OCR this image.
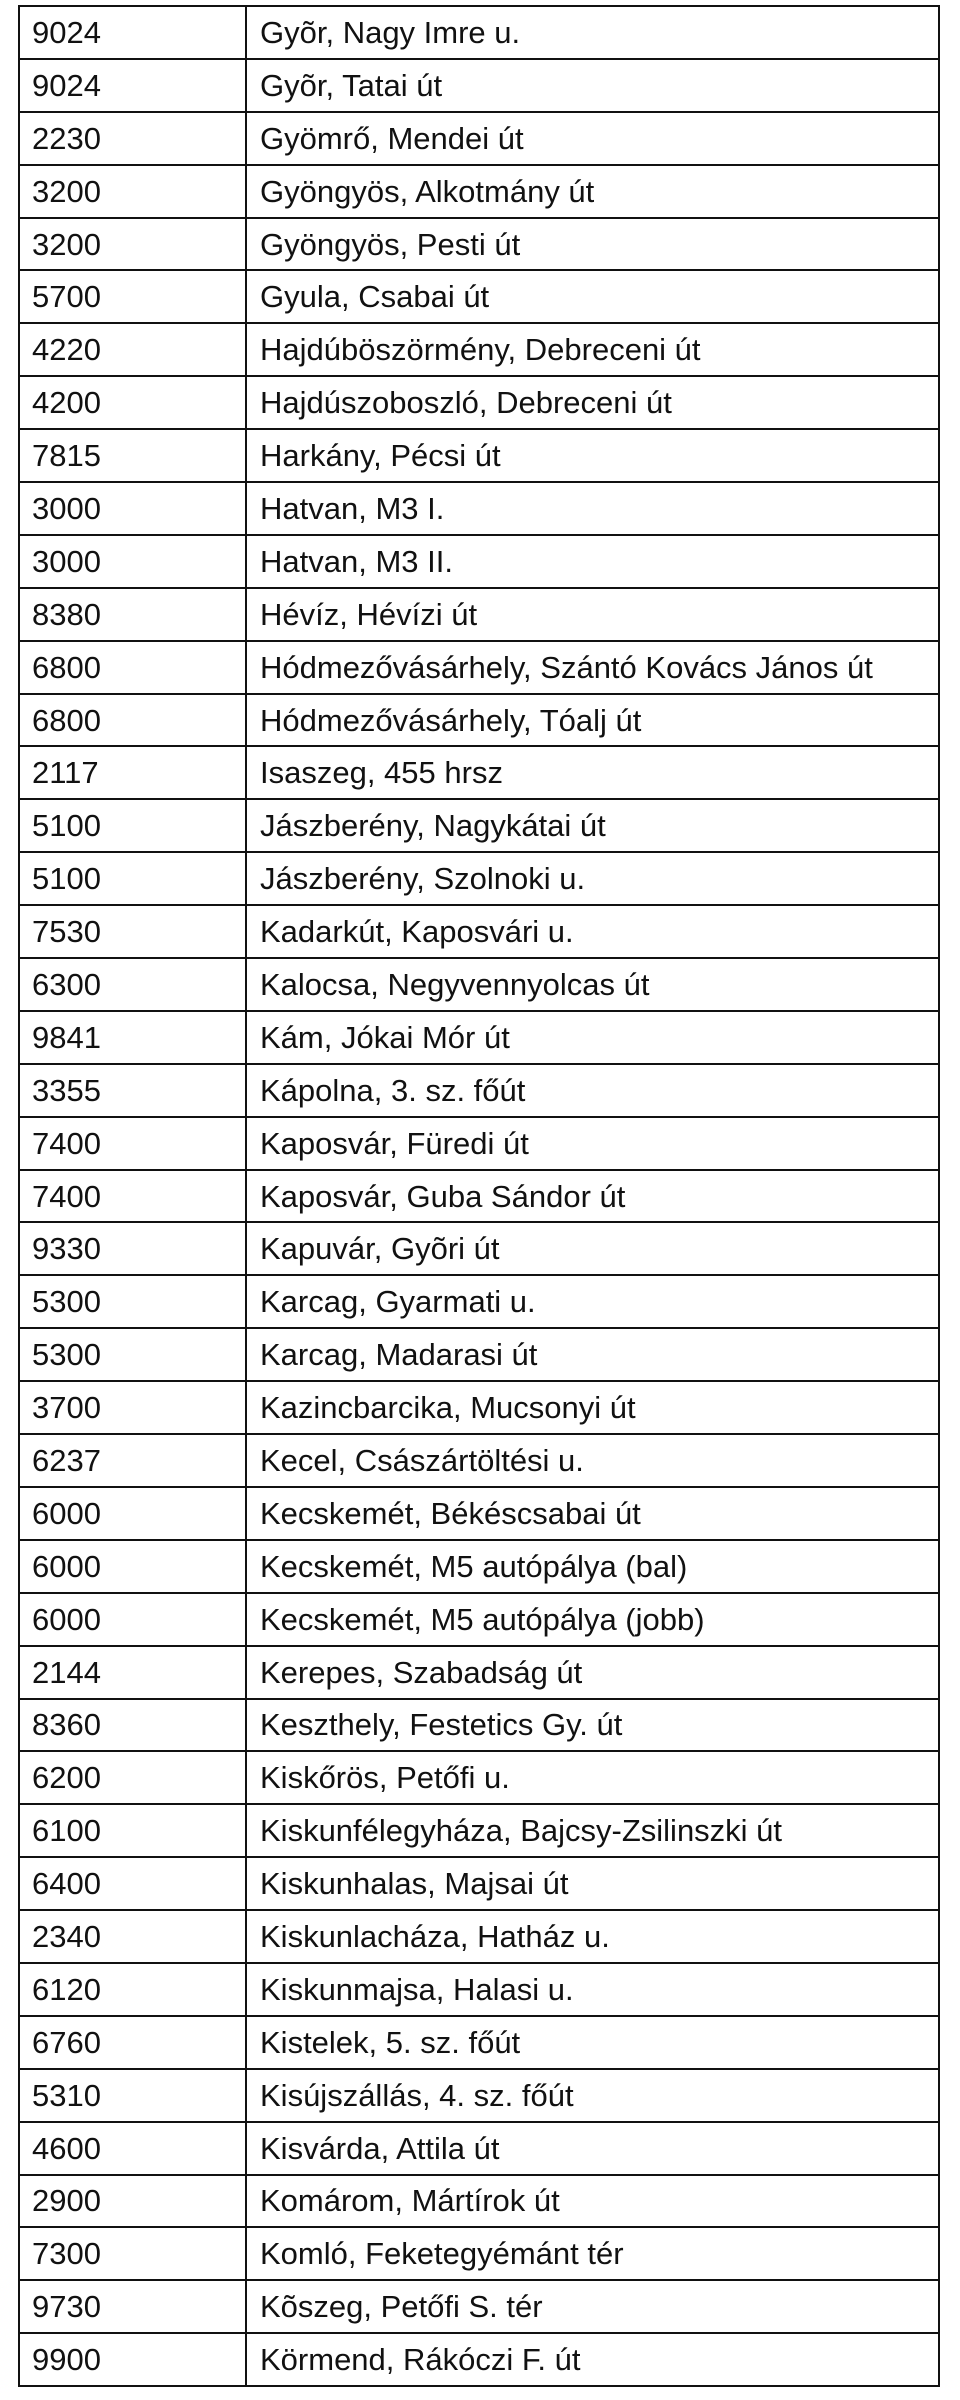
9024	Gyõr, Nagy Imre u.
9024	Gyõr, Tatai út
2230	Gyömrő, Mendei út
3200	Gyöngyös, Alkotmány út
3200	Gyöngyös, Pesti út
5700	Gyula, Csabai út
4220	Hajdúböszörmény, Debreceni út
4200	Hajdúszoboszló, Debreceni út
7815	Harkány, Pécsi út
3000	Hatvan, M3 I.
3000	Hatvan, M3 II.
8380	Hévíz, Hévízi út
6800	Hódmezővásárhely, Szántó Kovács János út
6800	Hódmezővásárhely, Tóalj út
2117	Isaszeg, 455 hrsz
5100	Jászberény, Nagykátai út
5100	Jászberény, Szolnoki u.
7530	Kadarkút, Kaposvári u.
6300	Kalocsa, Negyvennyolcas út
9841	Kám, Jókai Mór út
3355	Kápolna, 3. sz. főút
7400	Kaposvár, Füredi út
7400	Kaposvár, Guba Sándor út
9330	Kapuvár, Gyõri út
5300	Karcag, Gyarmati u.
5300	Karcag, Madarasi út
3700	Kazincbarcika, Mucsonyi út
6237	Kecel, Császártöltési u.
6000	Kecskemét, Békéscsabai út
6000	Kecskemét, M5 autópálya (bal)
6000	Kecskemét, M5 autópálya (jobb)
2144	Kerepes, Szabadság út
8360	Keszthely, Festetics Gy. út
6200	Kiskőrös, Petőfi u.
6100	Kiskunfélegyháza, Bajcsy-Zsilinszki út
6400	Kiskunhalas, Majsai út
2340	Kiskunlacháza, Hatház u.
6120	Kiskunmajsa, Halasi u.
6760	Kistelek, 5. sz. főút
5310	Kisújszállás, 4. sz. főút
4600	Kisvárda, Attila út
2900	Komárom, Mártírok út
7300	Komló, Feketegyémánt tér
9730	Kõszeg, Petőfi S. tér
9900	Körmend, Rákóczi F. út
